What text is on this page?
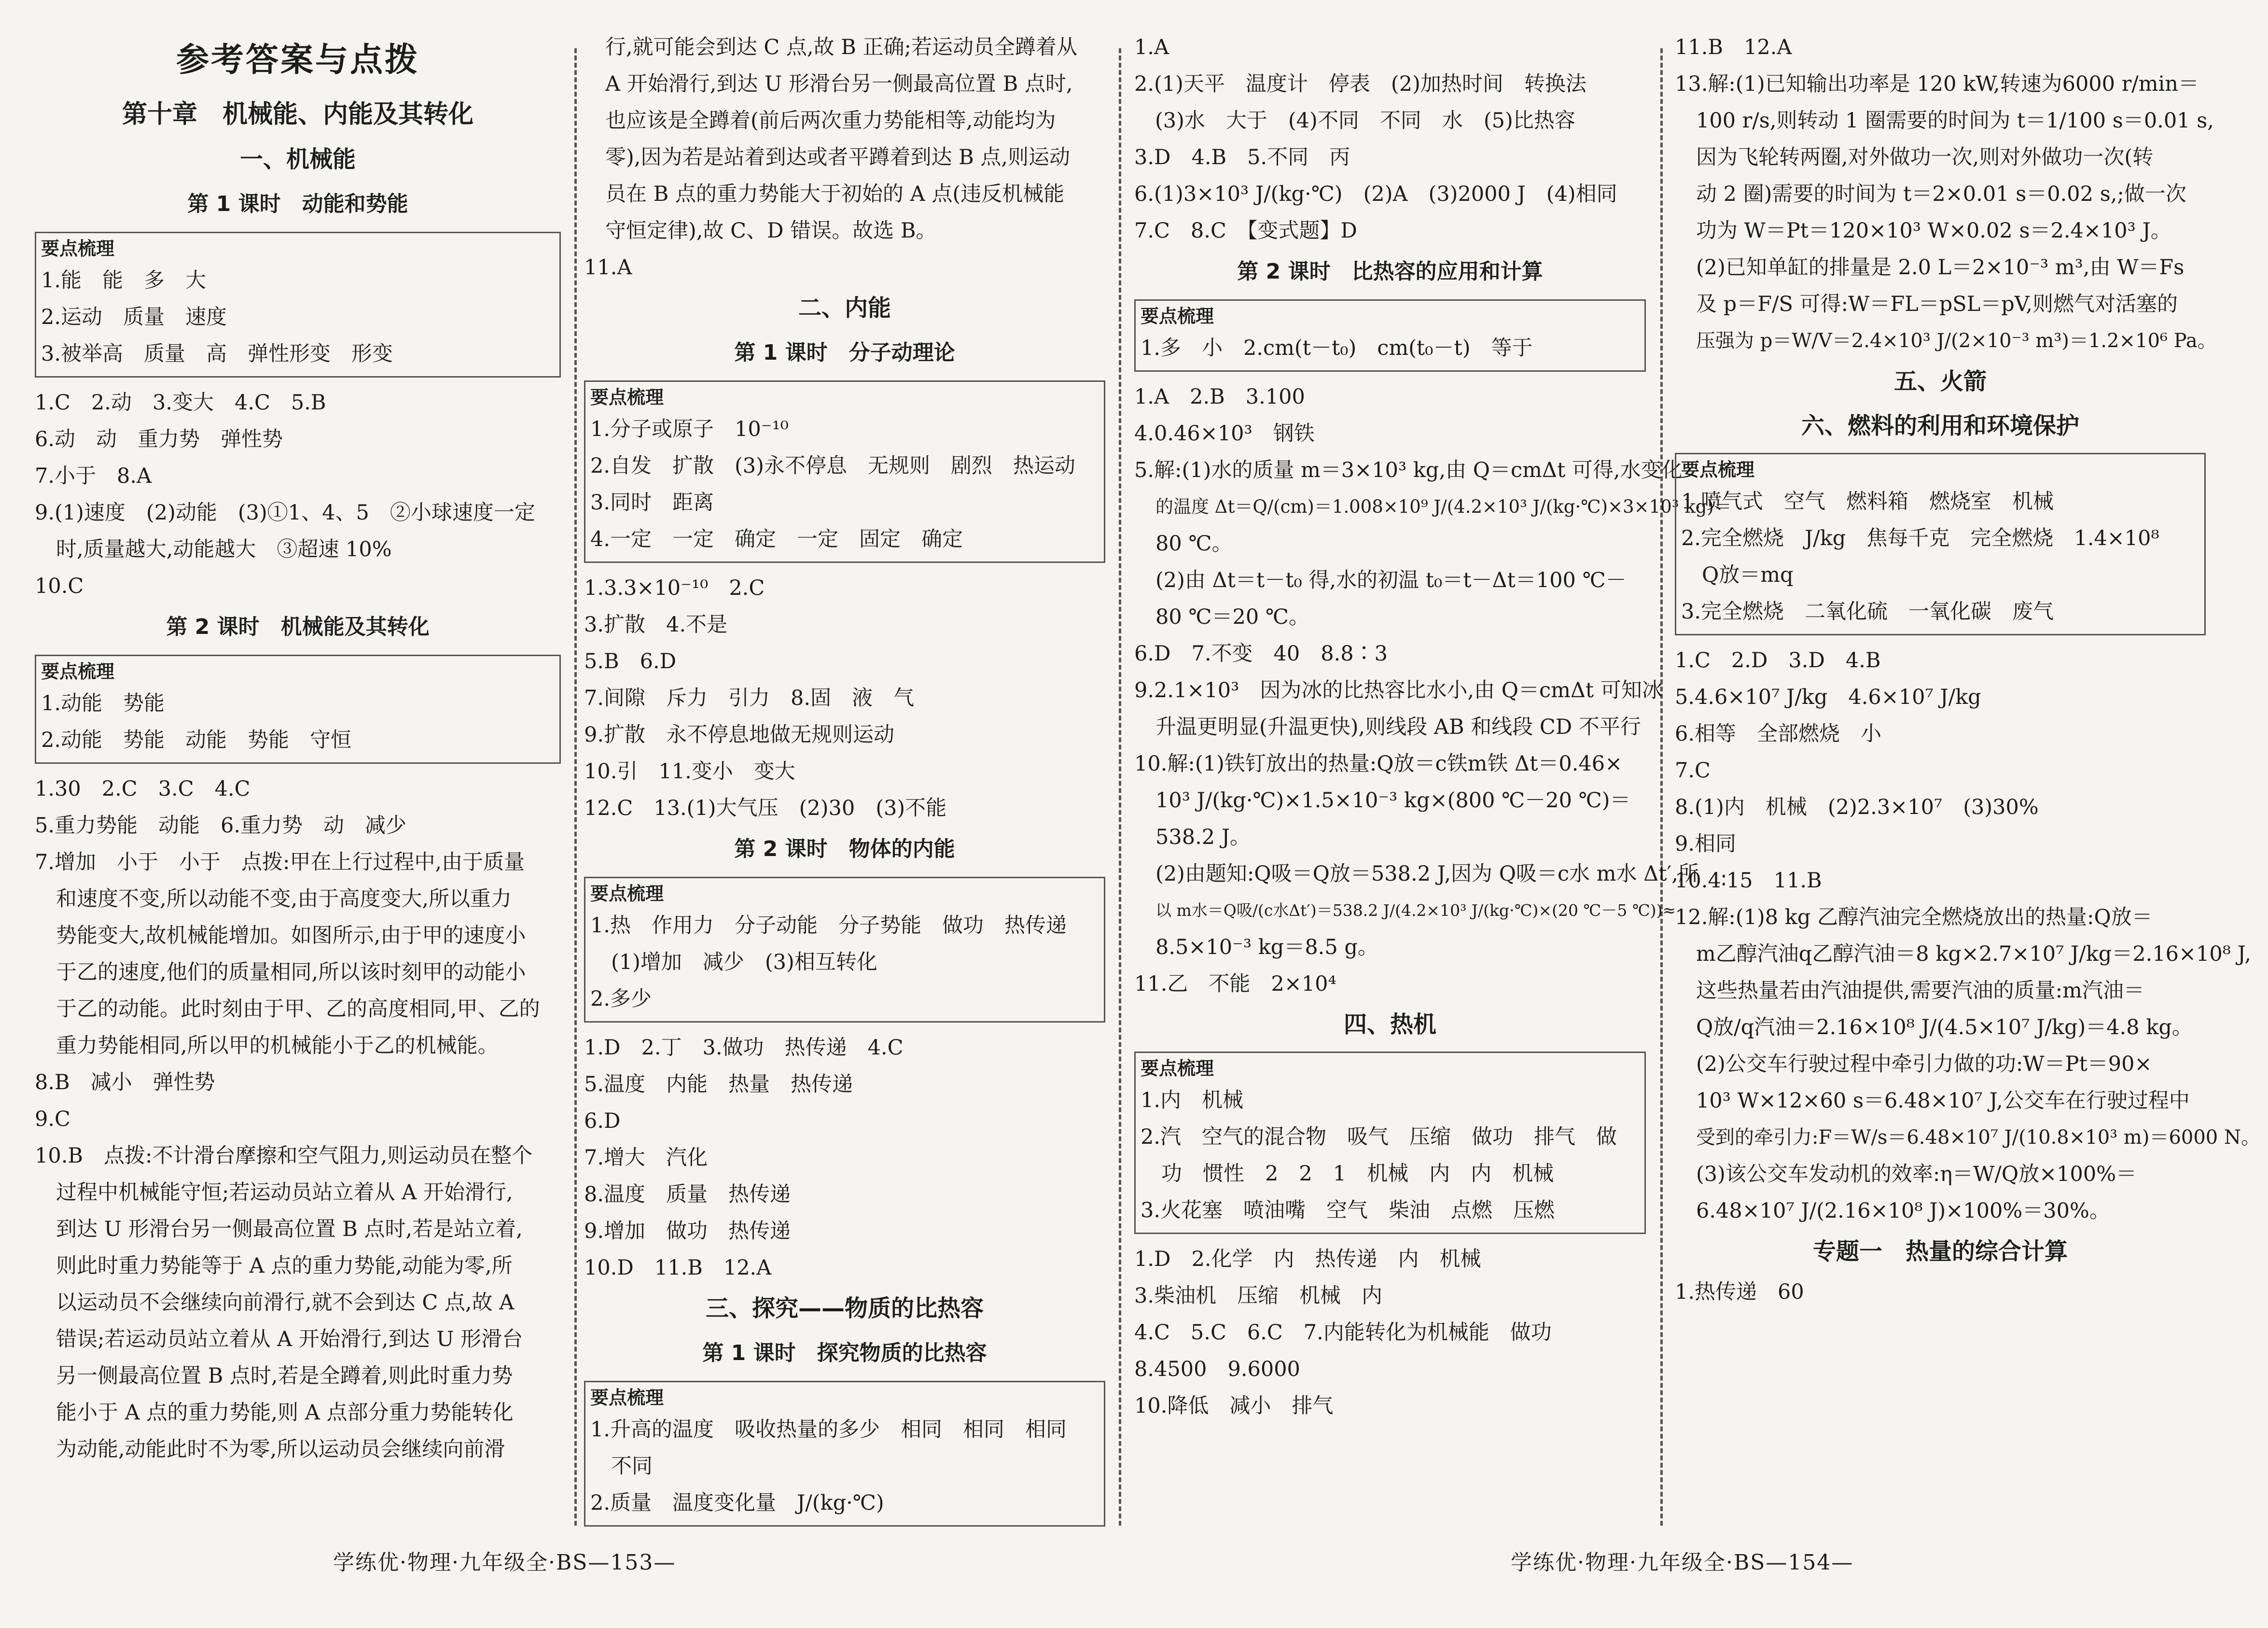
参考答案与点拨
第十章　机械能、内能及其转化
一、机械能
第 1 课时　动能和势能
要点梳理
1.能　能　多　大
2.运动　质量　速度
3.被举高　质量　高　弹性形变　形变
1.C　2.动　3.变大　4.C　5.B
6.动　动　重力势　弹性势
7.小于　8.A
9.(1)速度　(2)动能　(3)①1、4、5　②小球速度一定
时,质量越大,动能越大　③超速 10%
10.C
第 2 课时　机械能及其转化
要点梳理
1.动能　势能
2.动能　势能　动能　势能　守恒
1.30　2.C　3.C　4.C
5.重力势能　动能　6.重力势　动　减少
7.增加　小于　小于　点拨:甲在上行过程中,由于质量
和速度不变,所以动能不变,由于高度变大,所以重力
势能变大,故机械能增加。如图所示,由于甲的速度小
于乙的速度,他们的质量相同,所以该时刻甲的动能小
于乙的动能。此时刻由于甲、乙的高度相同,甲、乙的
重力势能相同,所以甲的机械能小于乙的机械能。
8.B　减小　弹性势
9.C
10.B　点拨:不计滑台摩擦和空气阻力,则运动员在整个
过程中机械能守恒;若运动员站立着从 A 开始滑行,
到达 U 形滑台另一侧最高位置 B 点时,若是站立着,
则此时重力势能等于 A 点的重力势能,动能为零,所
以运动员不会继续向前滑行,就不会到达 C 点,故 A
错误;若运动员站立着从 A 开始滑行,到达 U 形滑台
另一侧最高位置 B 点时,若是全蹲着,则此时重力势
能小于 A 点的重力势能,则 A 点部分重力势能转化
为动能,动能此时不为零,所以运动员会继续向前滑
行,就可能会到达 C 点,故 B 正确;若运动员全蹲着从
A 开始滑行,到达 U 形滑台另一侧最高位置 B 点时,
也应该是全蹲着(前后两次重力势能相等,动能均为
零),因为若是站着到达或者平蹲着到达 B 点,则运动
员在 B 点的重力势能大于初始的 A 点(违反机械能
守恒定律),故 C、D 错误。故选 B。
11.A
二、内能
第 1 课时　分子动理论
要点梳理
1.分子或原子　10⁻¹⁰
2.自发　扩散　(3)永不停息　无规则　剧烈　热运动
3.同时　距离
4.一定　一定　确定　一定　固定　确定
1.3.3×10⁻¹⁰　2.C
3.扩散　4.不是
5.B　6.D
7.间隙　斥力　引力　8.固　液　气
9.扩散　永不停息地做无规则运动
10.引　11.变小　变大
12.C　13.(1)大气压　(2)30　(3)不能
第 2 课时　物体的内能
要点梳理
1.热　作用力　分子动能　分子势能　做功　热传递
　(1)增加　减少　(3)相互转化
2.多少
1.D　2.丁　3.做功　热传递　4.C
5.温度　内能　热量　热传递
6.D
7.增大　汽化
8.温度　质量　热传递
9.增加　做功　热传递
10.D　11.B　12.A
三、探究——物质的比热容
第 1 课时　探究物质的比热容
要点梳理
1.升高的温度　吸收热量的多少　相同　相同　相同
　不同
2.质量　温度变化量　J/(kg·℃)
1.A
2.(1)天平　温度计　停表　(2)加热时间　转换法
　(3)水　大于　(4)不同　不同　水　(5)比热容
3.D　4.B　5.不同　丙
6.(1)3×10³ J/(kg·℃)　(2)A　(3)2000 J　(4)相同
7.C　8.C　【变式题】D
第 2 课时　比热容的应用和计算
要点梳理
1.多　小　2.cm(t－t₀)　cm(t₀－t)　等于
1.A　2.B　3.100
4.0.46×10³　钢铁
5.解:(1)水的质量 m＝3×10³ kg,由 Q＝cmΔt 可得,水变化
的温度 Δt＝Q/(cm)＝1.008×10⁹ J/(4.2×10³ J/(kg·℃)×3×10³ kg)＝
80 ℃。
(2)由 Δt＝t－t₀ 得,水的初温 t₀＝t－Δt＝100 ℃－
80 ℃＝20 ℃。
6.D　7.不变　40　8.8∶3
9.2.1×10³　因为冰的比热容比水小,由 Q＝cmΔt 可知冰
升温更明显(升温更快),则线段 AB 和线段 CD 不平行
10.解:(1)铁钉放出的热量:Q放＝c铁m铁 Δt＝0.46×
10³ J/(kg·℃)×1.5×10⁻³ kg×(800 ℃－20 ℃)＝
538.2 J。
(2)由题知:Q吸＝Q放＝538.2 J,因为 Q吸＝c水 m水 Δt′,所
以 m水＝Q吸/(c水Δt′)＝538.2 J/(4.2×10³ J/(kg·℃)×(20 ℃－5 ℃))≈
8.5×10⁻³ kg＝8.5 g。
11.乙　不能　2×10⁴
四、热机
要点梳理
1.内　机械
2.汽　空气的混合物　吸气　压缩　做功　排气　做
　功　惯性　2　2　1　机械　内　内　机械
3.火花塞　喷油嘴　空气　柴油　点燃　压燃
1.D　2.化学　内　热传递　内　机械
3.柴油机　压缩　机械　内
4.C　5.C　6.C　7.内能转化为机械能　做功
8.4500　9.6000
10.降低　减小　排气
11.B　12.A
13.解:(1)已知输出功率是 120 kW,转速为6000 r/min＝
100 r/s,则转动 1 圈需要的时间为 t＝1/100 s＝0.01 s,
因为飞轮转两圈,对外做功一次,则对外做功一次(转
动 2 圈)需要的时间为 t＝2×0.01 s＝0.02 s,;做一次
功为 W＝Pt＝120×10³ W×0.02 s＝2.4×10³ J。
(2)已知单缸的排量是 2.0 L＝2×10⁻³ m³,由 W＝Fs
及 p＝F/S 可得:W＝FL＝pSL＝pV,则燃气对活塞的
压强为 p＝W/V＝2.4×10³ J/(2×10⁻³ m³)＝1.2×10⁶ Pa。
五、火箭
六、燃料的利用和环境保护
要点梳理
1.喷气式　空气　燃料箱　燃烧室　机械
2.完全燃烧　J/kg　焦每千克　完全燃烧　1.4×10⁸
　Q放＝mq
3.完全燃烧　二氧化硫　一氧化碳　废气
1.C　2.D　3.D　4.B
5.4.6×10⁷ J/kg　4.6×10⁷ J/kg
6.相等　全部燃烧　小
7.C
8.(1)内　机械　(2)2.3×10⁷　(3)30%
9.相同
10.4∶15　11.B
12.解:(1)8 kg 乙醇汽油完全燃烧放出的热量:Q放＝
m乙醇汽油q乙醇汽油＝8 kg×2.7×10⁷ J/kg＝2.16×10⁸ J,
这些热量若由汽油提供,需要汽油的质量:m汽油＝
Q放/q汽油＝2.16×10⁸ J/(4.5×10⁷ J/kg)＝4.8 kg。
(2)公交车行驶过程中牵引力做的功:W＝Pt＝90×
10³ W×12×60 s＝6.48×10⁷ J,公交车在行驶过程中
受到的牵引力:F＝W/s＝6.48×10⁷ J/(10.8×10³ m)＝6000 N。
(3)该公交车发动机的效率:η＝W/Q放×100%＝
6.48×10⁷ J/(2.16×10⁸ J)×100%＝30%。
专题一　热量的综合计算
1.热传递　60
学练优·物理·九年级全·BS—153—	学练优·物理·九年级全·BS—154—
